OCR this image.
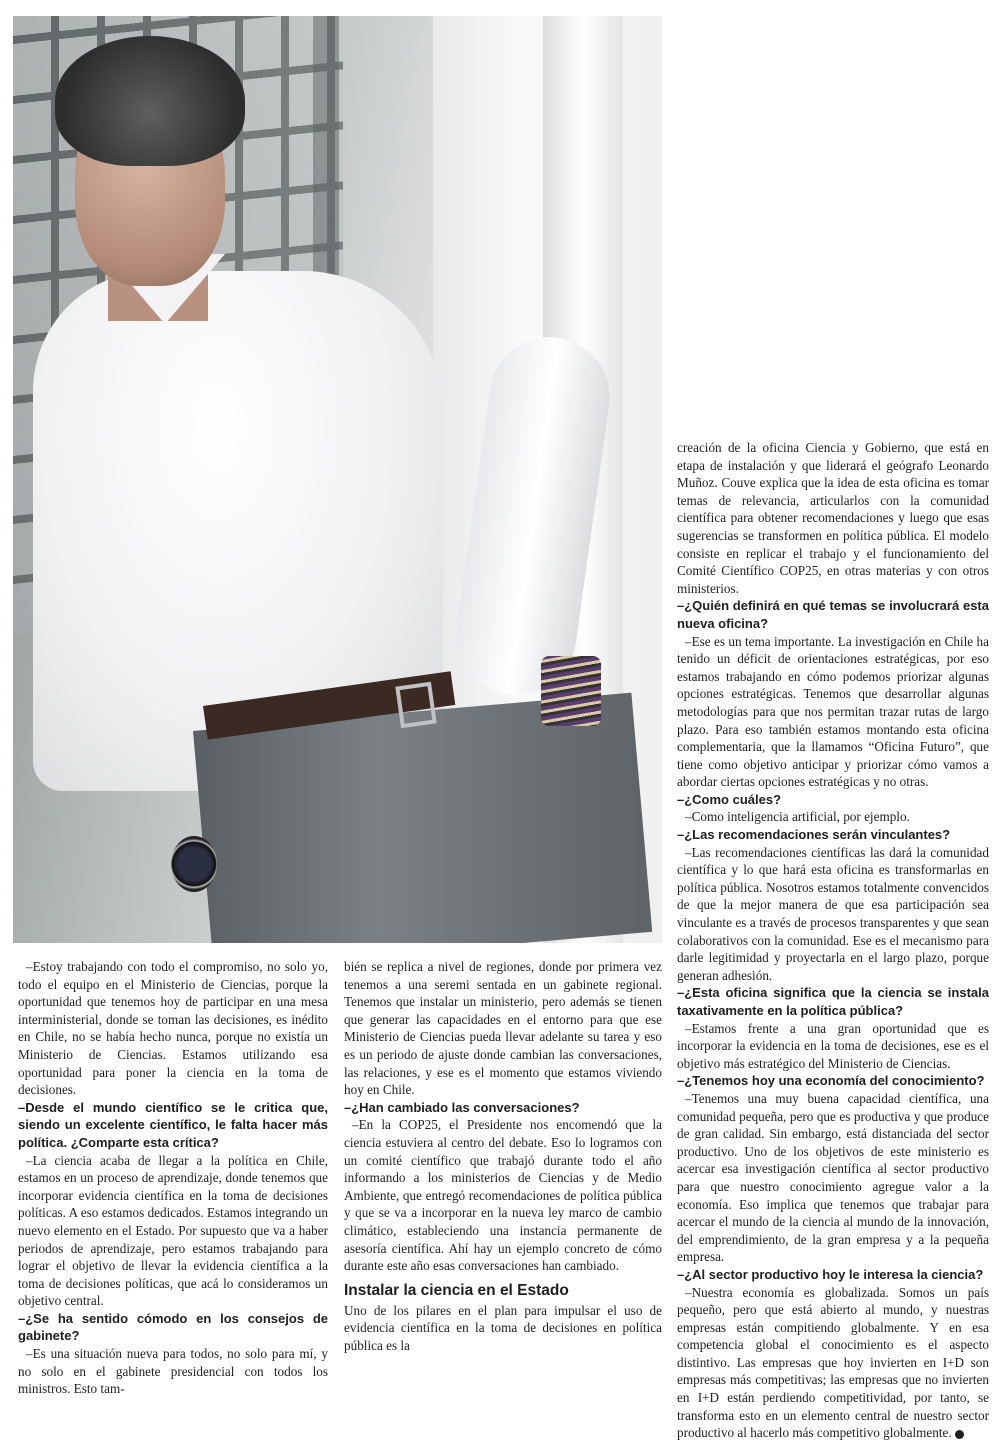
–Estoy trabajando con todo el compromiso, no solo yo, todo el equipo en el Ministerio de Ciencias, porque la oportunidad que tenemos hoy de participar en una mesa interministerial, donde se toman las decisiones, es inédito en Chile, no se había hecho nunca, porque no existía un Ministerio de Ciencias. Estamos utilizando esa oportunidad para poner la ciencia en la toma de decisiones.

–Desde el mundo científico se le critica que, siendo un excelente científico, le falta hacer más política. ¿Comparte esta crítica?

–La ciencia acaba de llegar a la política en Chile, estamos en un proceso de aprendizaje, donde tenemos que incorporar evidencia científica en la toma de decisiones políticas. A eso estamos dedicados. Estamos integrando un nuevo elemento en el Estado. Por supuesto que va a haber periodos de aprendizaje, pero estamos trabajando para lograr el objetivo de llevar la evidencia científica a la toma de decisiones políticas, que acá lo consideramos un objetivo central.

–¿Se ha sentido cómodo en los consejos de gabinete?

–Es una situación nueva para todos, no solo para mí, y no solo en el gabinete presidencial con todos los ministros. Esto tam-

bién se replica a nivel de regiones, donde por primera vez tenemos a una seremi sentada en un gabinete regional. Tenemos que instalar un ministerio, pero además se tienen que generar las capacidades en el entorno para que ese Ministerio de Ciencias pueda llevar adelante su tarea y eso es un periodo de ajuste donde cambian las conversaciones, las relaciones, y ese es el momento que estamos viviendo hoy en Chile.

–¿Han cambiado las conversaciones?

–En la COP25, el Presidente nos encomendó que la ciencia estuviera al centro del debate. Eso lo logramos con un comité científico que trabajó durante todo el año informando a los ministerios de Ciencias y de Medio Ambiente, que entregó recomendaciones de política pública y que se va a incorporar en la nueva ley marco de cambio climático, estableciendo una instancia permanente de asesoría científica. Ahí hay un ejemplo concreto de cómo durante este año esas conversaciones han cambiado.

Instalar la ciencia en el Estado

Uno de los pilares en el plan para impulsar el uso de evidencia científica en la toma de decisiones en política pública es la

creación de la oficina Ciencia y Gobierno, que está en etapa de instalación y que liderará el geógrafo Leonardo Muñoz. Couve explica que la idea de esta oficina es tomar temas de relevancia, articularlos con la comunidad científica para obtener recomendaciones y luego que esas sugerencias se transformen en política pública. El modelo consiste en replicar el trabajo y el funcionamiento del Comité Científico COP25, en otras materias y con otros ministerios.

–¿Quién definirá en qué temas se involucrará esta nueva oficina?

–Ese es un tema importante. La investigación en Chile ha tenido un déficit de orientaciones estratégicas, por eso estamos trabajando en cómo podemos priorizar algunas opciones estratégicas. Tenemos que desarrollar algunas metodologías para que nos permitan trazar rutas de largo plazo. Para eso también estamos montando esta oficina complementaria, que la llamamos “Oficina Futuro”, que tiene como objetivo anticipar y priorizar cómo vamos a abordar ciertas opciones estratégicas y no otras.

–¿Como cuáles?

–Como inteligencia artificial, por ejemplo.

–¿Las recomendaciones serán vinculantes?

–Las recomendaciones científicas las dará la comunidad científica y lo que hará esta oficina es transformarlas en política pública. Nosotros estamos totalmente convencidos de que la mejor manera de que esa participación sea vinculante es a través de procesos transparentes y que sean colaborativos con la comunidad. Ese es el mecanismo para darle legitimidad y proyectarla en el largo plazo, porque generan adhesión.

–¿Esta oficina significa que la ciencia se instala taxativamente en la política pública?

–Estamos frente a una gran oportunidad que es incorporar la evidencia en la toma de decisiones, ese es el objetivo más estratégico del Ministerio de Ciencias.

–¿Tenemos hoy una economía del conocimiento?

–Tenemos una muy buena capacidad científica, una comunidad pequeña, pero que es productiva y que produce de gran calidad. Sin embargo, está distanciada del sector productivo. Uno de los objetivos de este ministerio es acercar esa investigación científica al sector productivo para que nuestro conocimiento agregue valor a la economía. Eso implica que tenemos que trabajar para acercar el mundo de la ciencia al mundo de la innovación, del emprendimiento, de la gran empresa y a la pequeña empresa.

–¿Al sector productivo hoy le interesa la ciencia?

–Nuestra economía es globalizada. Somos un país pequeño, pero que está abierto al mundo, y nuestras empresas están compitiendo globalmente. Y en esa competencia global el conocimiento es el aspecto distintivo. Las empresas que hoy invierten en I+D son empresas más competitivas; las empresas que no invierten en I+D están perdiendo competitividad, por tanto, se transforma esto en un elemento central de nuestro sector productivo al hacerlo más competitivo globalmente.
